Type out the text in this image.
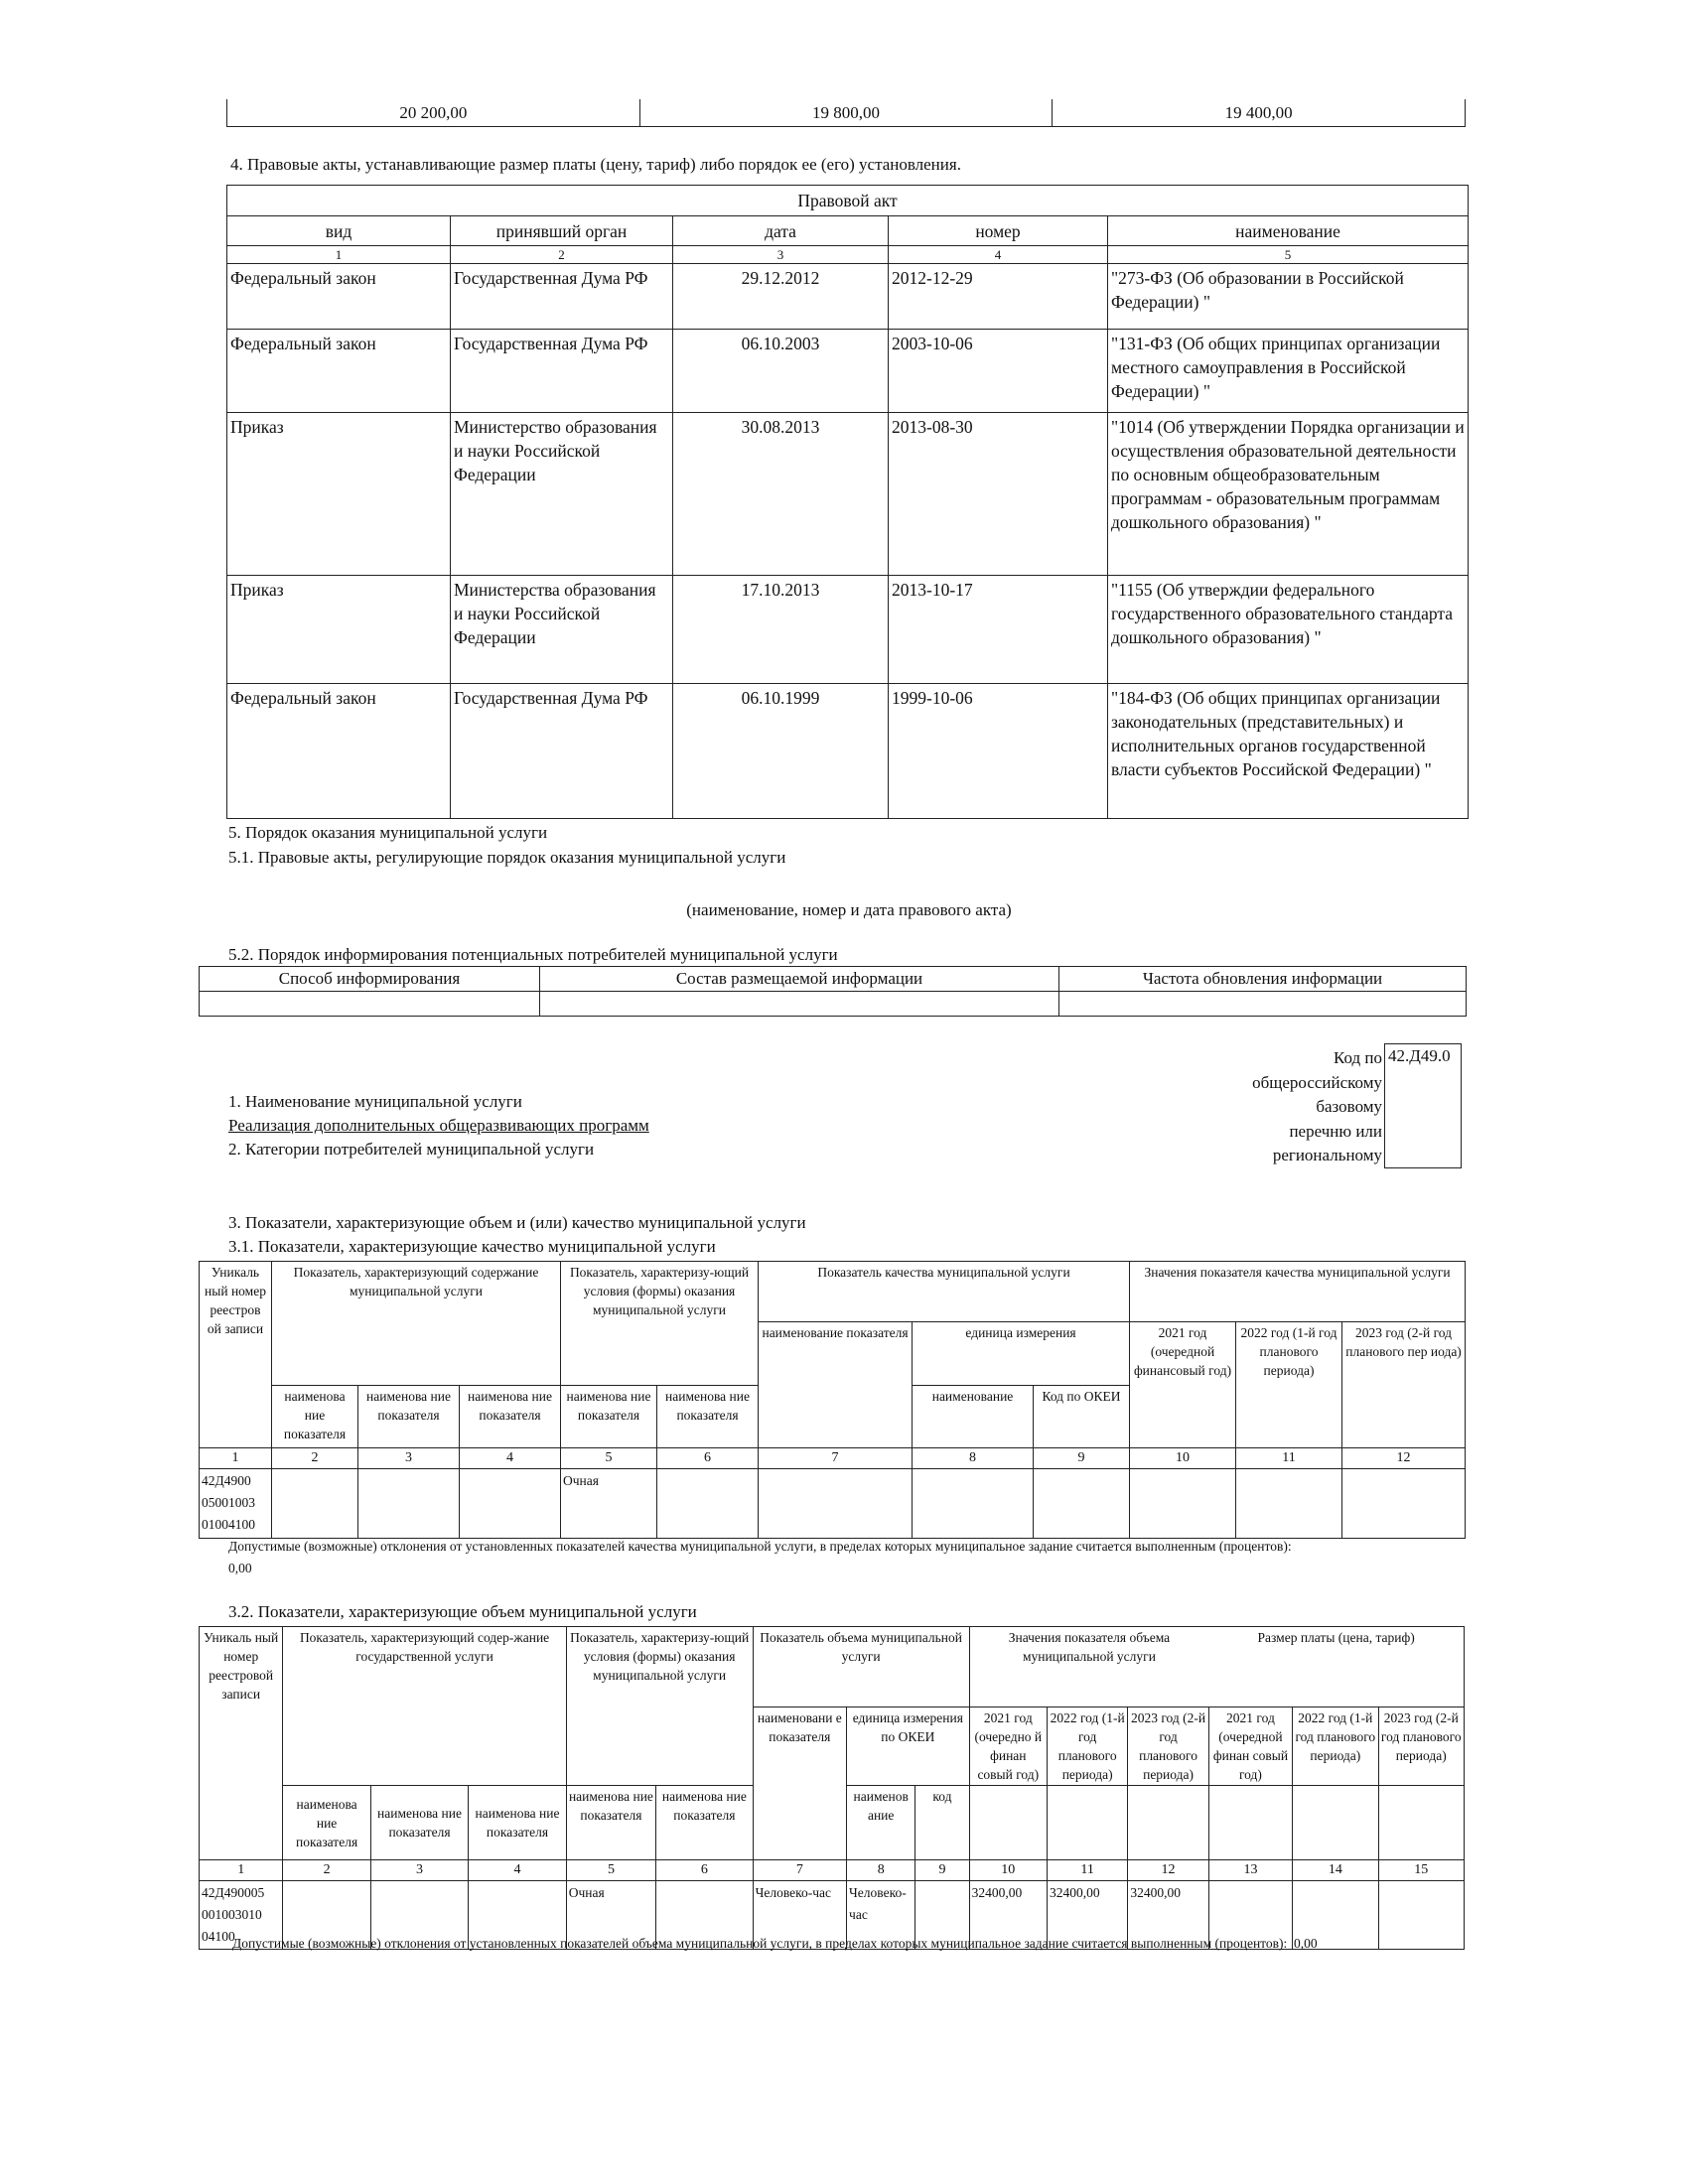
20 200,00	19 800,00	19 400,00
4. Правовые акты, устанавливающие размер платы (цену, тариф) либо порядок ее (его) установления.
Правовой акт				
вид	принявший орган	дата	номер	наименование
1	2	3	4	5
Федеральный закон	Государственная Дума РФ	29.12.2012	2012-12-29	"273-ФЗ (Об образовании в Российской Федерации) "
Федеральный закон	Государственная Дума РФ	06.10.2003	2003-10-06	"131-ФЗ (Об общих принципах организации местного самоуправления в Российской Федерации) "
Приказ	Министерство образования и науки Российской Федерации	30.08.2013	2013-08-30	"1014 (Об утверждении Порядка организации и осуществления образовательной деятельности по основным общеобразовательным программам - образовательным программам дошкольного образования) "
Приказ	Министерства образования и науки Российской Федерации	17.10.2013	2013-10-17	"1155 (Об утверждии федерального государственного образовательного стандарта дошкольного образования) "
Федеральный закон	Государственная Дума РФ	06.10.1999	1999-10-06	"184-ФЗ (Об общих принципах организации законодательных (представительных) и исполнительных органов государственной власти субъектов Российской Федерации) "
5. Порядок оказания муниципальной услуги
5.1. Правовые акты, регулирующие порядок оказания муниципальной услуги
(наименование, номер и дата правового акта)
5.2. Порядок информирования потенциальных потребителей муниципальной услуги
Способ информирования	Состав размещаемой информации	Частота обновления информации

1. Наименование муниципальной услуги
Реализация дополнительных общеразвивающих программ
2. Категории потребителей муниципальной услуги
Код по
общероссийскому
базовому
перечню или
региональному
42.Д49.0
3. Показатели, характеризующие объем и (или) качество муниципальной услуги
3.1. Показатели, характеризующие качество муниципальной услуги
Уникаль ный номер реестров ой записи	Показатель, характеризующий содержание муниципальной услуги			Показатель, характеризу-ющий условия (формы) оказания муниципальной услуги		Показатель качества муниципальной услуги			Значения показателя качества муниципальной услуги		
						наименование показателя	единица измерения		2021 год (очередной финансовый год)	2022 год (1-й год планового периода)	2023 год (2-й год планового пер иода)
	наименова ние показателя	наименова ние показателя	наименова ние показателя	наименова ние показателя	наименова ние показателя		наименование	Код по ОКЕИ			
1	2	3	4	5	6	7	8	9	10	11	12
42Д4900 05001003 01004100				Очная							
Допустимые (возможные) отклонения от установленных показателей качества муниципальной услуги, в пределах которых муниципальное задание считается выполненным (процентов):
0,00
3.2. Показатели, характеризующие объем муниципальной услуги
Уникаль ный номер реестровой записи	Показатель, характеризующий содер-жание государственной услуги			Показатель, характеризу-ющий условия (формы) оказания муниципальной услуги		Показатель объема муниципальной услуги			Значения показателя объема муниципальной услуги			Размер платы (цена, тариф)		
						наименовани е показателя	единица измерения по ОКЕИ		2021 год (очередно й финан совый год)	2022 год (1-й год планового периода)	2023 год (2-й год планового периода)	2021 год (очередной финан совый год)	2022 год (1-й год планового периода)	2023 год (2-й год планового периода)
	наименова ние показателя	наименова ние показателя	наименова ние показателя	наименова ние показателя	наименова ние показателя		наименов ание	код						
1	2	3	4	5	6	7	8	9	10	11	12	13	14	15
42Д490005 001003010 04100				Очная		Человеко-час	Человеко-час		32400,00	32400,00	32400,00			
Допустимые (возможные) отклонения от установленных показателей объема муниципальной услуги, в пределах которых муниципальное задание считается выполненным (процентов): 0,00
